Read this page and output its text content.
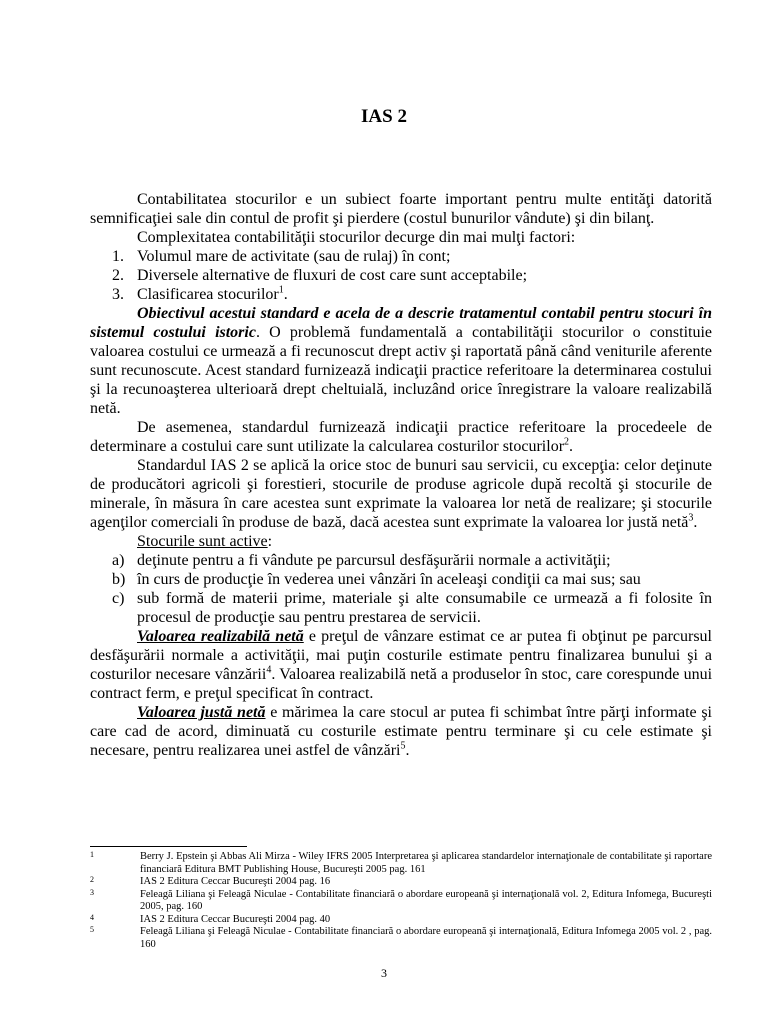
IAS 2

Contabilitatea stocurilor e un subiect foarte important pentru multe entităţi datorită semnificaţiei sale din contul de profit şi pierdere (costul bunurilor vândute) şi din bilanţ.

Complexitatea contabilităţii stocurilor decurge din mai mulţi factori:

1. Volumul mare de activitate (sau de rulaj) în cont;
2. Diversele alternative de fluxuri de cost care sunt acceptabile;
3. Clasificarea stocurilor$^1$.

Obiectivul acestui standard e acela de a descrie tratamentul contabil pentru stocuri în sistemul costului istoric. O problemă fundamentală a contabilităţii stocurilor o constituie valoarea costului ce urmează a fi recunoscut drept activ şi raportată până când veniturile aferente sunt recunoscute. Acest standard furnizează indicaţii practice referitoare la determinarea costului şi la recunoaşterea ulterioară drept cheltuială, incluzând orice înregistrare la valoare realizabilă netă.

De asemenea, standardul furnizează indicaţii practice referitoare la procedeele de determinare a costului care sunt utilizate la calcularea costurilor stocurilor$^2$.

Standardul IAS 2 se aplică la orice stoc de bunuri sau servicii, cu excepţia: celor deţinute de producători agricoli şi forestieri, stocurile de produse agricole după recoltă şi stocurile de minerale, în măsura în care acestea sunt exprimate la valoarea lor netă de realizare; şi stocurile agenţilor comerciali în produse de bază, dacă acestea sunt exprimate la valoarea lor justă netă$^3$.

Stocurile sunt active:

a) deţinute pentru a fi vândute pe parcursul desfăşurării normale a activităţii;
b) în curs de producţie în vederea unei vânzări în aceleaşi condiţii ca mai sus; sau
c) sub formă de materii prime, materiale şi alte consumabile ce urmează a fi folosite în procesul de producţie sau pentru prestarea de servicii.

Valoarea realizabilă netă e preţul de vânzare estimat ce ar putea fi obţinut pe parcursul desfăşurării normale a activităţii, mai puţin costurile estimate pentru finalizarea bunului şi a costurilor necesare vânzării$^4$. Valoarea realizabilă netă a produselor în stoc, care corespunde unui contract ferm, e preţul specificat în contract.

Valoarea justă netă e mărimea la care stocul ar putea fi schimbat între părţi informate şi care cad de acord, diminuată cu costurile estimate pentru terminare şi cu cele estimate şi necesare, pentru realizarea unei astfel de vânzări$^5$.

1	Berry J. Epstein şi Abbas Ali Mirza - Wiley IFRS 2005 Interpretarea şi aplicarea standardelor internaţionale de contabilitate şi raportare financiară Editura BMT Publishing House, Bucureşti 2005 pag. 161
2	IAS 2 Editura Ceccar Bucureşti 2004 pag. 16
3	Feleagă Liliana şi Feleagă Niculae - Contabilitate financiară o abordare europeană şi internaţională vol. 2, Editura Infomega, Bucureşti 2005, pag. 160
4	IAS 2 Editura Ceccar Bucureşti 2004 pag. 40
5	Feleagă Liliana şi Feleagă Niculae - Contabilitate financiară o abordare europeană şi internaţională, Editura Infomega 2005 vol. 2 , pag. 160
3
